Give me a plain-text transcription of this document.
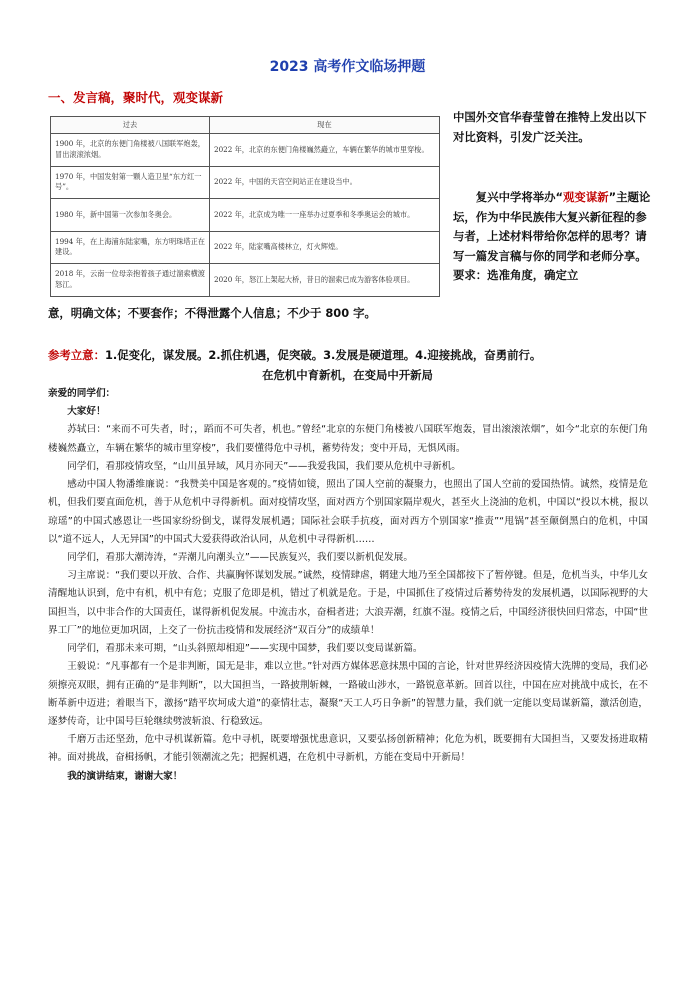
2023 高考作文临场押题
一、发言稿，聚时代，观变谋新
过去	现在
1900 年，北京的东便门角楼被八国联军炮轰，冒出滚滚浓烟。	2022 年，北京的东便门角楼巍然矗立，车辆在繁华的城市里穿梭。
1970 年，中国发射第一颗人造卫星“东方红一号”。	2022 年，中国的天宫空间站正在建设当中。
1980 年，新中国第一次参加冬奥会。	2022 年，北京成为唯一一座举办过夏季和冬季奥运会的城市。
1994 年，在上海浦东陆家嘴，东方明珠塔正在建设。	2022 年，陆家嘴高楼林立，灯火辉煌。
2018 年，云南一位母亲抱着孩子通过溜索横渡怒江。	2020 年，怒江上架起大桥，昔日的溜索已成为游客体验项目。
中国外交官华春莹曾在推特上发出以下对比资料，引发广泛关注。
复兴中学将举办“观变谋新”主题论坛，作为中华民族伟大复兴新征程的参与者，上述材料带给你怎样的思考？请写一篇发言稿与你的同学和老师分享。要求：选准角度，确定立
意，明确文体；不要套作；不得泄露个人信息；不少于 800 字。
参考立意：1.促变化，谋发展。2.抓住机遇，促突破。3.发展是硬道理。4.迎接挑战，奋勇前行。
在危机中育新机，在变局中开新局

亲爱的同学们：

大家好！

苏轼曰：“来而不可失者，时；，蹈而不可失者，机也。”曾经“北京的东便门角楼被八国联军炮轰，冒出滚滚浓烟”，如今“北京的东便门角楼巍然矗立，车辆在繁华的城市里穿梭”，我们要懂得危中寻机，蓄势待发；变中开局，无惧风雨。

同学们，看那疫情攻坚，“山川虽异域，风月亦同天”——我爱我国，我们要从危机中寻新机。

感动中国人物潘维廉说：“我赞美中国是客观的。”疫情如镜，照出了国人空前的凝聚力，也照出了国人空前的爱国热情。诚然，疫情是危机，但我们要直面危机，善于从危机中寻得新机。面对疫情攻坚，面对西方个别国家隔岸观火，甚至火上浇油的危机，中国以“投以木桃，报以琼瑶”的中国式感恩让一些国家纷纷倒戈，谋得发展机遇；国际社会联手抗疫，面对西方个别国家“推责”“甩锅”甚至颠倒黑白的危机，中国以“道不远人，人无异国”的中国式大爱获得政治认同，从危机中寻得新机……

同学们，看那大潮涛涛，“弄潮儿向潮头立”——民族复兴，我们要以新机促发展。

习主席说：“我们要以开放、合作、共赢胸怀谋划发展。”诚然，疫情肆虐，辋建大地乃至全国都按下了暂停键。但是，危机当头，中华儿女清醒地认识到，危中有机，机中有危；克服了危即是机，错过了机就是危。于是，中国抓住了疫情过后蓄势待发的发展机遇，以国际视野的大国担当，以中非合作的大国责任，谋得新机促发展。中流击水，奋楫者进；大浪弄潮，红旗不湿。疫情之后，中国经济很快回归常态，中国“世界工厂”的地位更加巩固，上交了一份抗击疫情和发展经济“双百分”的成绩单！

同学们，看那未来可期，“山头斜照却相迎”——实现中国梦，我们要以变局谋新篇。

王毅说：“凡事都有一个是非判断，国无是非，难以立世。”针对西方媒体恶意抹黑中国的言论，针对世界经济因疫情大洗牌的变局，我们必须擦亮双眼，拥有正确的“是非判断”，以大国担当，一路披荆斩棘，一路破山涉水，一路锐意革新。回首以往，中国在应对挑战中成长，在不断革新中迈进；着眼当下，激扬“踏平坎坷成大道”的豪情壮志，凝聚“天工人巧日争新”的智慧力量，我们就一定能以变局谋新篇，激活创造，逐梦传奇，让中国号巨轮继续劈波斩浪、行稳致远。

千磨万击还坚劲，危中寻机谋新篇。危中寻机，既要增强忧患意识，又要弘扬创新精神；化危为机，既要拥有大国担当，又要发扬进取精神。面对挑战，奋楫扬帆，才能引领潮流之先；把握机遇，在危机中寻新机，方能在变局中开新局！

我的演讲结束，谢谢大家！
